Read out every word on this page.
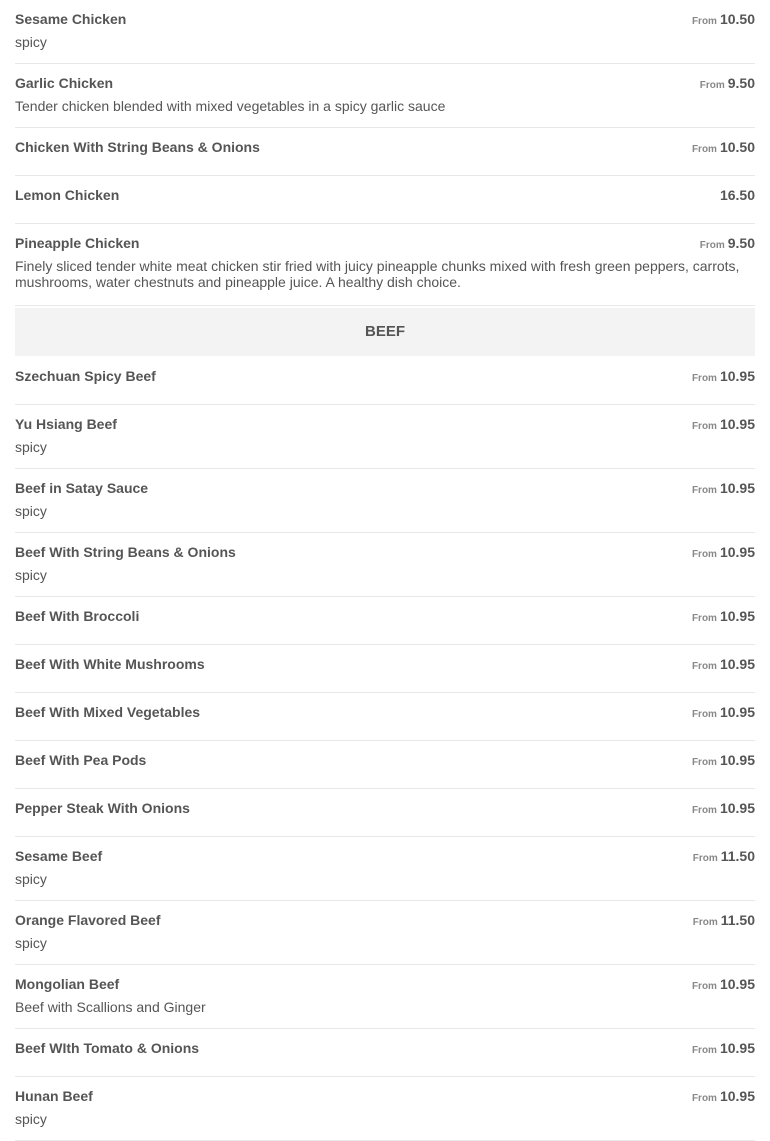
Sesame Chicken	From 10.50
spicy
Garlic Chicken	From 9.50
Tender chicken blended with mixed vegetables in a spicy garlic sauce
Chicken With String Beans & Onions	From 10.50
Lemon Chicken	16.50
Pineapple Chicken	From 9.50
Finely sliced tender white meat chicken stir fried with juicy pineapple chunks mixed with fresh green peppers, carrots, mushrooms, water chestnuts and pineapple juice. A healthy dish choice.
BEEF
Szechuan Spicy Beef	From 10.95
Yu Hsiang Beef	From 10.95
spicy
Beef in Satay Sauce	From 10.95
spicy
Beef With String Beans & Onions	From 10.95
spicy
Beef With Broccoli	From 10.95
Beef With White Mushrooms	From 10.95
Beef With Mixed Vegetables	From 10.95
Beef With Pea Pods	From 10.95
Pepper Steak With Onions	From 10.95
Sesame Beef	From 11.50
spicy
Orange Flavored Beef	From 11.50
spicy
Mongolian Beef	From 10.95
Beef with Scallions and Ginger
Beef WIth Tomato & Onions	From 10.95
Hunan Beef	From 10.95
spicy
